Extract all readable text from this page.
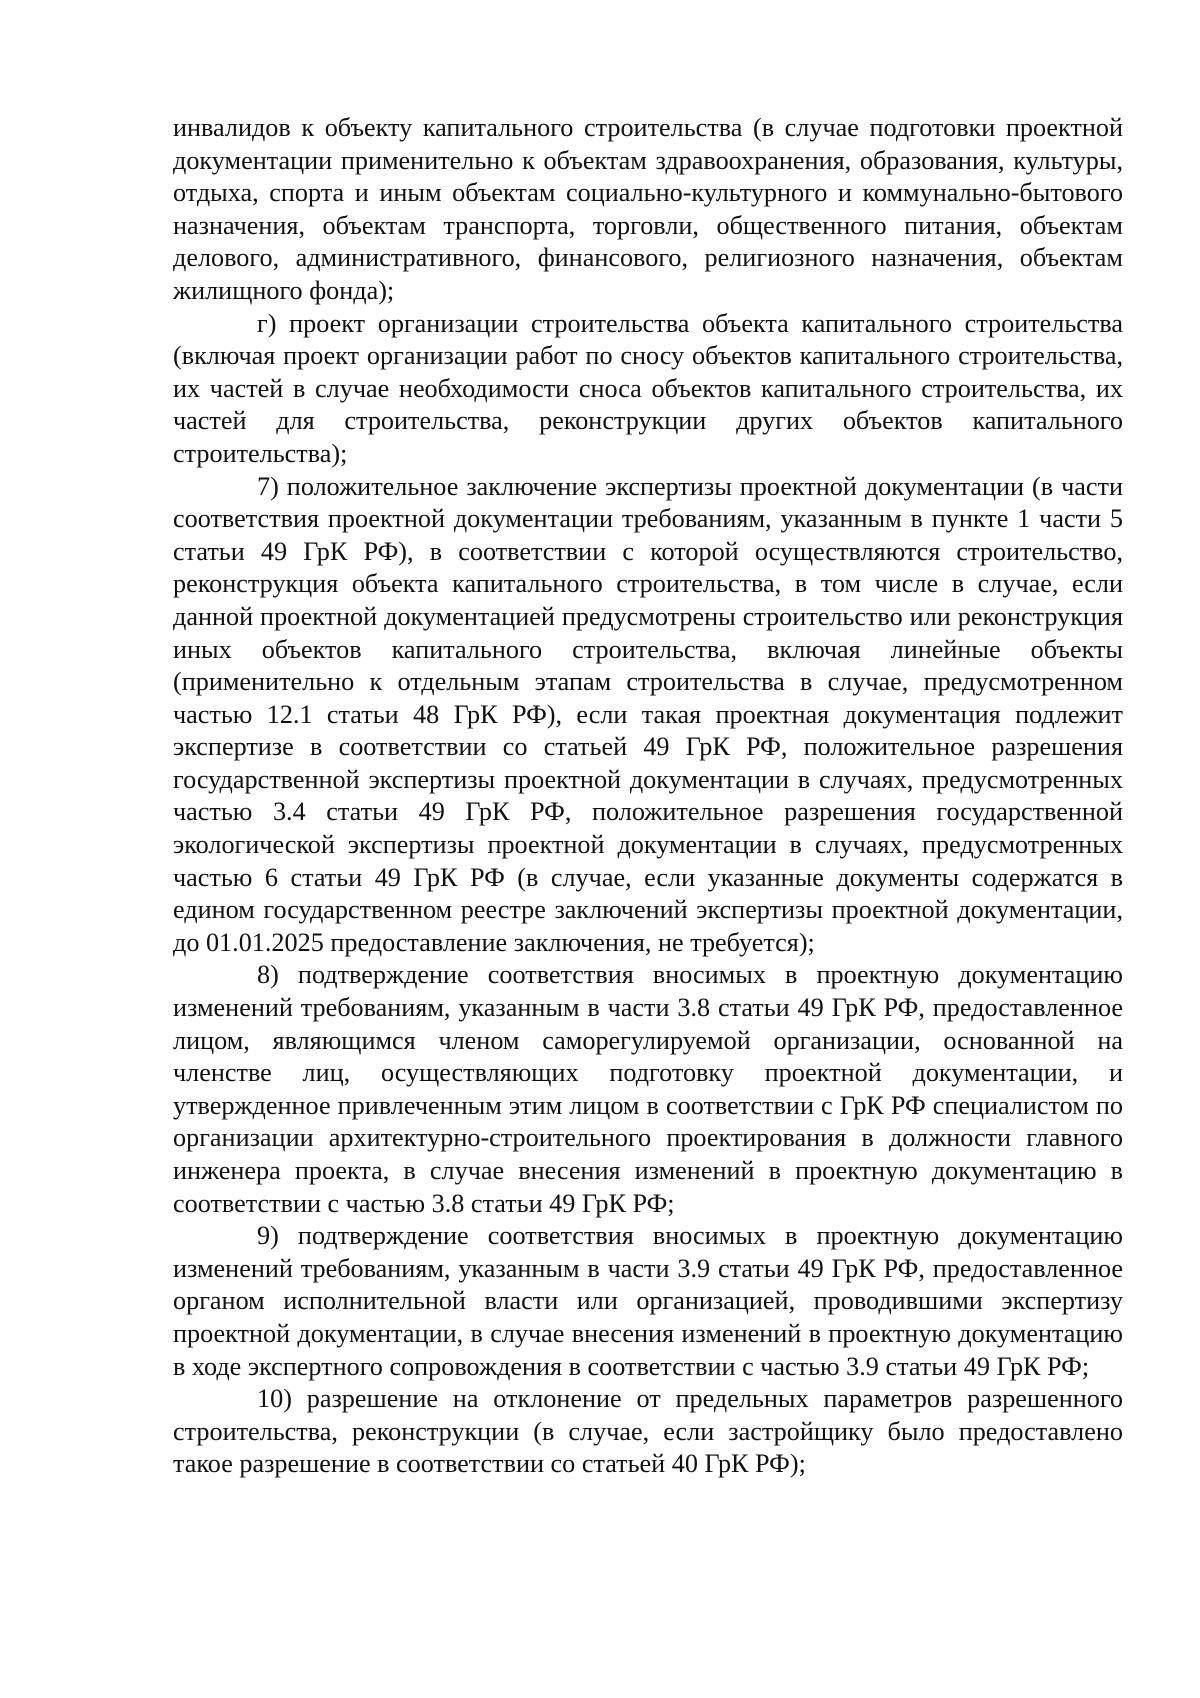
инвалидов к объекту капитального строительства (в случае подготовки проектной документации применительно к объектам здравоохранения, образования, культуры, отдыха, спорта и иным объектам социально-культурного и коммунально-бытового назначения, объектам транспорта, торговли, общественного питания, объектам делового, административного, финансового, религиозного назначения, объектам жилищного фонда);

г) проект организации строительства объекта капитального строительства (включая проект организации работ по сносу объектов капитального строительства, их частей в случае необходимости сноса объектов капитального строительства, их частей для строительства, реконструкции других объектов капитального строительства);

7) положительное заключение экспертизы проектной документации (в части соответствия проектной документации требованиям, указанным в пункте 1 части 5 статьи 49 ГрК РФ), в соответствии с которой осуществляются строительство, реконструкция объекта капитального строительства, в том числе в случае, если данной проектной документацией предусмотрены строительство или реконструкция иных объектов капитального строительства, включая линейные объекты (применительно к отдельным этапам строительства в случае, предусмотренном частью 12.1 статьи 48 ГрК РФ), если такая проектная документация подлежит экспертизе в соответствии со статьей 49 ГрК РФ, положительное разрешения государственной экспертизы проектной документации в случаях, предусмотренных частью 3.4 статьи 49 ГрК РФ, положительное разрешения государственной экологической экспертизы проектной документации в случаях, предусмотренных частью 6 статьи 49 ГрК РФ (в случае, если указанные документы содержатся в едином государственном реестре заключений экспертизы проектной документации, до 01.01.2025 предоставление заключения, не требуется);

8) подтверждение соответствия вносимых в проектную документацию изменений требованиям, указанным в части 3.8 статьи 49 ГрК РФ, предоставленное лицом, являющимся членом саморегулируемой организации, основанной на членстве лиц, осуществляющих подготовку проектной документации, и утвержденное привлеченным этим лицом в соответствии с ГрК РФ специалистом по организации архитектурно-строительного проектирования в должности главного инженера проекта, в случае внесения изменений в проектную документацию в соответствии с частью 3.8 статьи 49 ГрК РФ;

9) подтверждение соответствия вносимых в проектную документацию изменений требованиям, указанным в части 3.9 статьи 49 ГрК РФ, предоставленное органом исполнительной власти или организацией, проводившими экспертизу проектной документации, в случае внесения изменений в проектную документацию в ходе экспертного сопровождения в соответствии с частью 3.9 статьи 49 ГрК РФ;

10) разрешение на отклонение от предельных параметров разрешенного строительства, реконструкции (в случае, если застройщику было предоставлено такое разрешение в соответствии со статьей 40 ГрК РФ);
